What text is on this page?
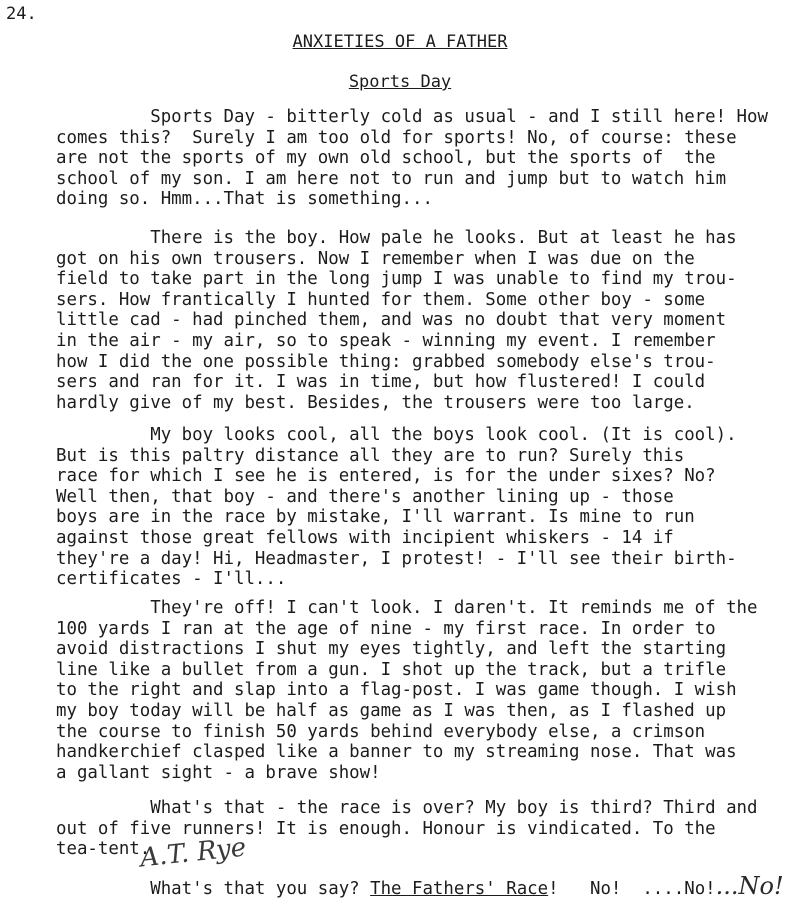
24.
ANXIETIES OF A FATHER
Sports Day
Sports Day - bitterly cold as usual - and I still here! How
comes this?  Surely I am too old for sports! No, of course: these
are not the sports of my own old school, but the sports of  the
school of my son. I am here not to run and jump but to watch him
doing so. Hmm...That is something...
There is the boy. How pale he looks. But at least he has
got on his own trousers. Now I remember when I was due on the
field to take part in the long jump I was unable to find my trou-
sers. How frantically I hunted for them. Some other boy - some
little cad - had pinched them, and was no doubt that very moment
in the air - my air, so to speak - winning my event. I remember
how I did the one possible thing: grabbed somebody else's trou-
sers and ran for it. I was in time, but how flustered! I could
hardly give of my best. Besides, the trousers were too large.
My boy looks cool, all the boys look cool. (It is cool).
But is this paltry distance all they are to run? Surely this
race for which I see he is entered, is for the under sixes? No?
Well then, that boy - and there's another lining up - those
boys are in the race by mistake, I'll warrant. Is mine to run
against those great fellows with incipient whiskers - 14 if
they're a day! Hi, Headmaster, I protest! - I'll see their birth-
certificates - I'll...
They're off! I can't look. I daren't. It reminds me of the
100 yards I ran at the age of nine - my first race. In order to
avoid distractions I shut my eyes tightly, and left the starting
line like a bullet from a gun. I shot up the track, but a trifle
to the right and slap into a flag-post. I was game though. I wish
my boy today will be half as game as I was then, as I flashed up
the course to finish 50 yards behind everybody else, a crimson
handkerchief clasped like a banner to my streaming nose. That was
a gallant sight - a brave show!
What's that - the race is over? My boy is third? Third and
out of five runners! It is enough. Honour is vindicated. To the
tea-tent.
A.T. Rye
What's that you say? The Fathers' Race!   No!  ....No!...No!
